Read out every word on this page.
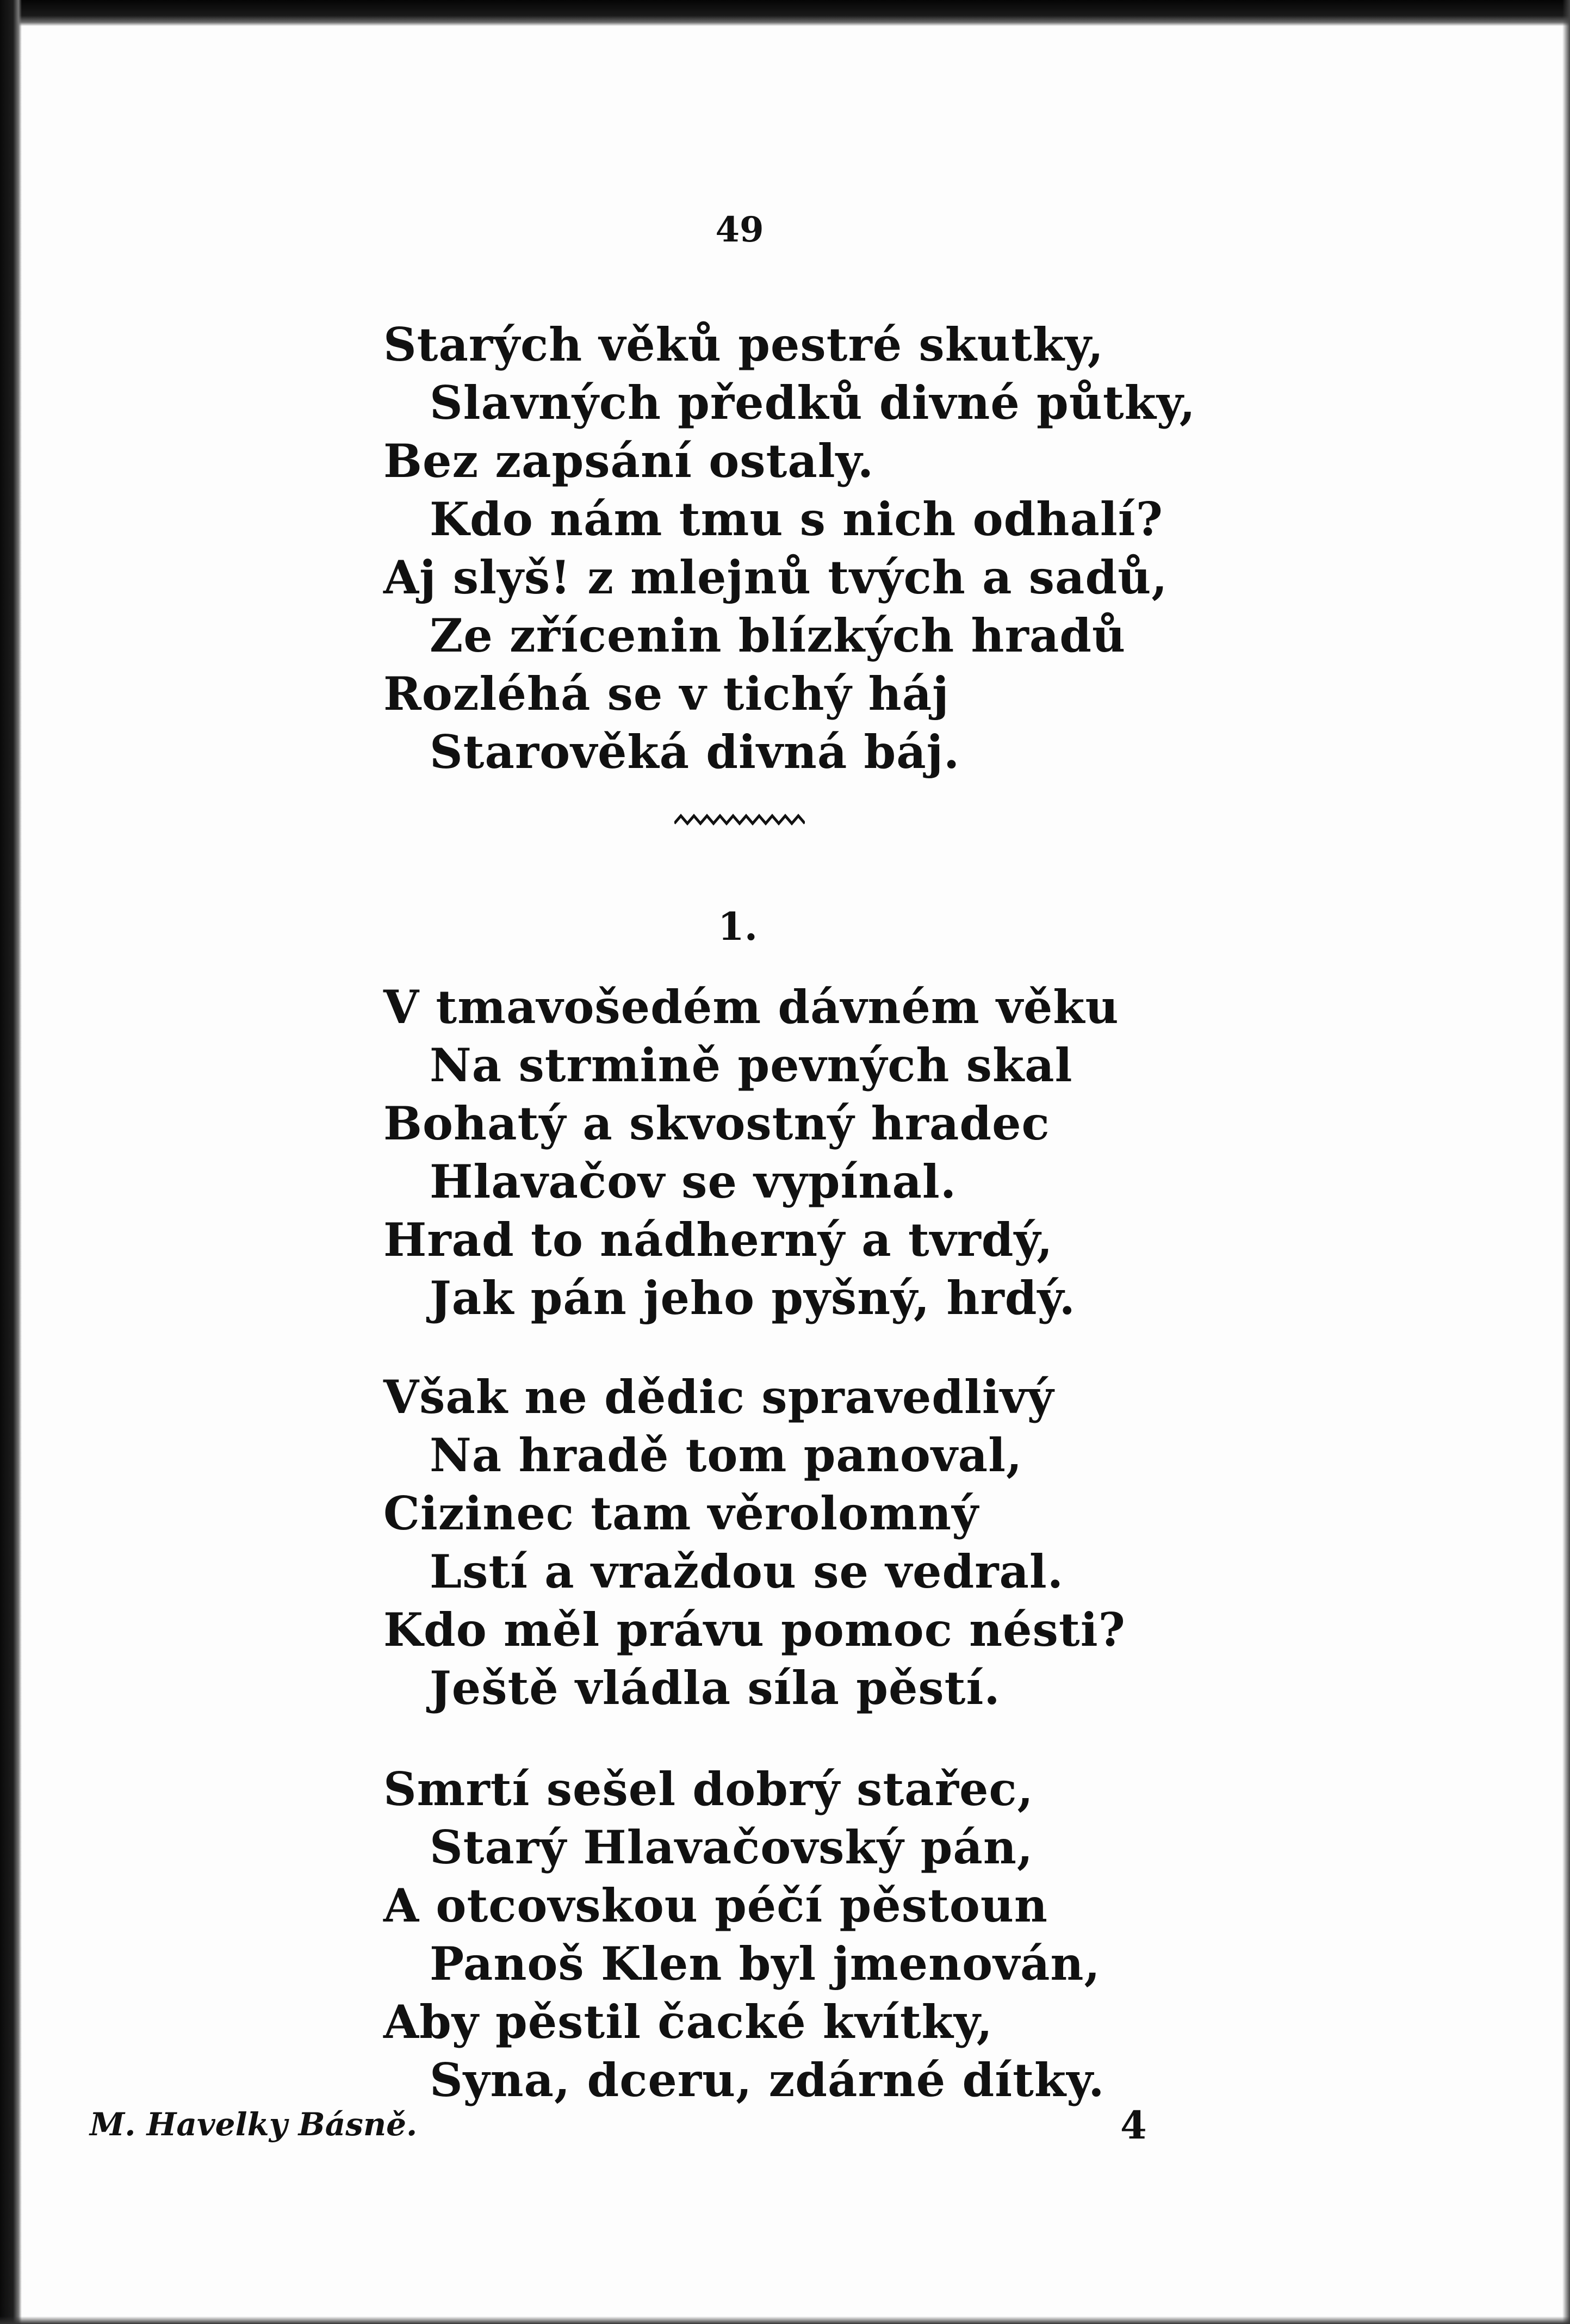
49
Starých věků pestré skutky,
Slavných předků divné půtky,
Bez zapsání ostaly.
Kdo nám tmu s nich odhalí?
Aj slyš! z mlejnů tvých a sadů,
Ze zřícenin blízkých hradů
Rozléhá se v tichý háj
Starověká divná báj.
1.
V tmavošedém dávném věku
Na strmině pevných skal
Bohatý a skvostný hradec
Hlavačov se vypínal.
Hrad to nádherný a tvrdý,
Jak pán jeho pyšný, hrdý.
Však ne dědic spravedlivý
Na hradě tom panoval,
Cizinec tam věrolomný
Lstí a vraždou se vedral.
Kdo měl právu pomoc nésti?
Ještě vládla síla pěstí.
Smrtí sešel dobrý stařec,
Starý Hlavačovský pán,
A otcovskou péčí pěstoun
Panoš Klen byl jmenován,
Aby pěstil čacké kvítky,
Syna, dceru, zdárné dítky.
M. Havelky Básně.	4
